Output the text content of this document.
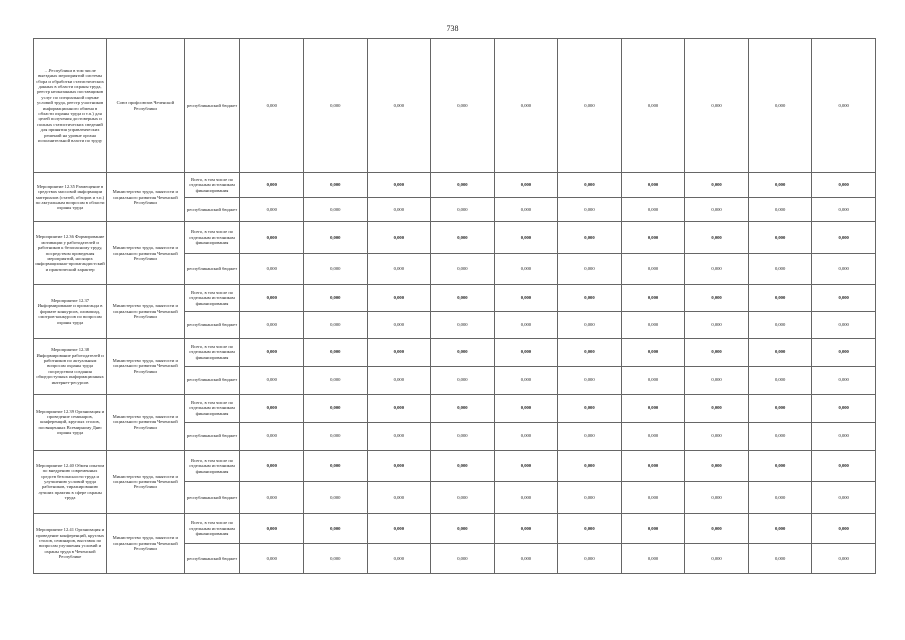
738
…Республики в том числе выездных мероприятий системы сбора и обработки статистических данных в области охраны труда, реестр неоказанных поставщиков услуг по специальной оценке условий труда, реестр участников информационного обмена в области охраны труда и т.п.) для целей получения достоверных и полных статистических сведений для принятия управленческих решений на уровне органа исполнительной власти по труду	Союз профсоюзов Чеченской Республики	республиканский бюджет	0,000	0,000	0,000	0,000	0,000	0,000	0,000	0,000	0,000	0,000
Мероприятие 12.35 Размещение в средствах массовой информации материалов (статей, обзоров и т.п.) по актуальным вопросам в области охраны труда	Министерство труда, занятости и социального развития Чеченской Республики	Всего, в том числе по отдельным источникам финансирования	0,000	0,000	0,000	0,000	0,000	0,000	0,000	0,000	0,000	0,000
		республиканский бюджет	0,000	0,000	0,000	0,000	0,000	0,000	0,000	0,000	0,000	0,000
Мероприятие 12.36 Формирование мотивации у работодателей и работников к безопасному труду, посредством проведения мероприятий, носящих информационно-пропагандистский и практический характер	Министерство труда, занятости и социального развития Чеченской Республики	Всего, в том числе по отдельным источникам финансирования	0,000	0,000	0,000	0,000	0,000	0,000	0,000	0,000	0,000	0,000
		республиканский бюджет	0,000	0,000	0,000	0,000	0,000	0,000	0,000	0,000	0,000	0,000
Мероприятие 12.37 Информирование и пропаганда в формате конкурсов, олимпиад, смотров-конкурсов по вопросам охраны труда	Министерство труда, занятости и социального развития Чеченской Республики	Всего, в том числе по отдельным источникам финансирования	0,000	0,000	0,000	0,000	0,000	0,000	0,000	0,000	0,000	0,000
		республиканский бюджет	0,000	0,000	0,000	0,000	0,000	0,000	0,000	0,000	0,000	0,000
Мероприятие 12.38 Информирование работодателей и работников по актуальным вопросам охраны труда посредством создания общедоступных информационных интернет-ресурсов	Министерство труда, занятости и социального развития Чеченской Республики	Всего, в том числе по отдельным источникам финансирования	0,000	0,000	0,000	0,000	0,000	0,000	0,000	0,000	0,000	0,000
		республиканский бюджет	0,000	0,000	0,000	0,000	0,000	0,000	0,000	0,000	0,000	0,000
Мероприятие 12.39 Организация и проведение семинаров, конференций, круглых столов, посвященных Всемирному Дню охраны труда	Министерство труда, занятости и социального развития Чеченской Республики	Всего, в том числе по отдельным источникам финансирования	0,000	0,000	0,000	0,000	0,000	0,000	0,000	0,000	0,000	0,000
		республиканский бюджет	0,000	0,000	0,000	0,000	0,000	0,000	0,000	0,000	0,000	0,000
Мероприятие 12.40 Обмен опытом по внедрению современных средств безопасности труда и улучшению условий труда работников, тиражированию лучших практик в сфере охраны труда	Министерство труда, занятости и социального развития Чеченской Республики	Всего, в том числе по отдельным источникам финансирования	0,000	0,000	0,000	0,000	0,000	0,000	0,000	0,000	0,000	0,000
		республиканский бюджет	0,000	0,000	0,000	0,000	0,000	0,000	0,000	0,000	0,000	0,000
Мероприятие 12.41 Организация и проведение конференций, круглых столов, семинаров, выставок по вопросам улучшения условий и охраны труда в Чеченской Республике	Министерство труда, занятости и социального развития Чеченской Республики	Всего, в том числе по отдельным источникам финансирования	0,000	0,000	0,000	0,000	0,000	0,000	0,000	0,000	0,000	0,000
		республиканский бюджет	0,000	0,000	0,000	0,000	0,000	0,000	0,000	0,000	0,000	0,000
